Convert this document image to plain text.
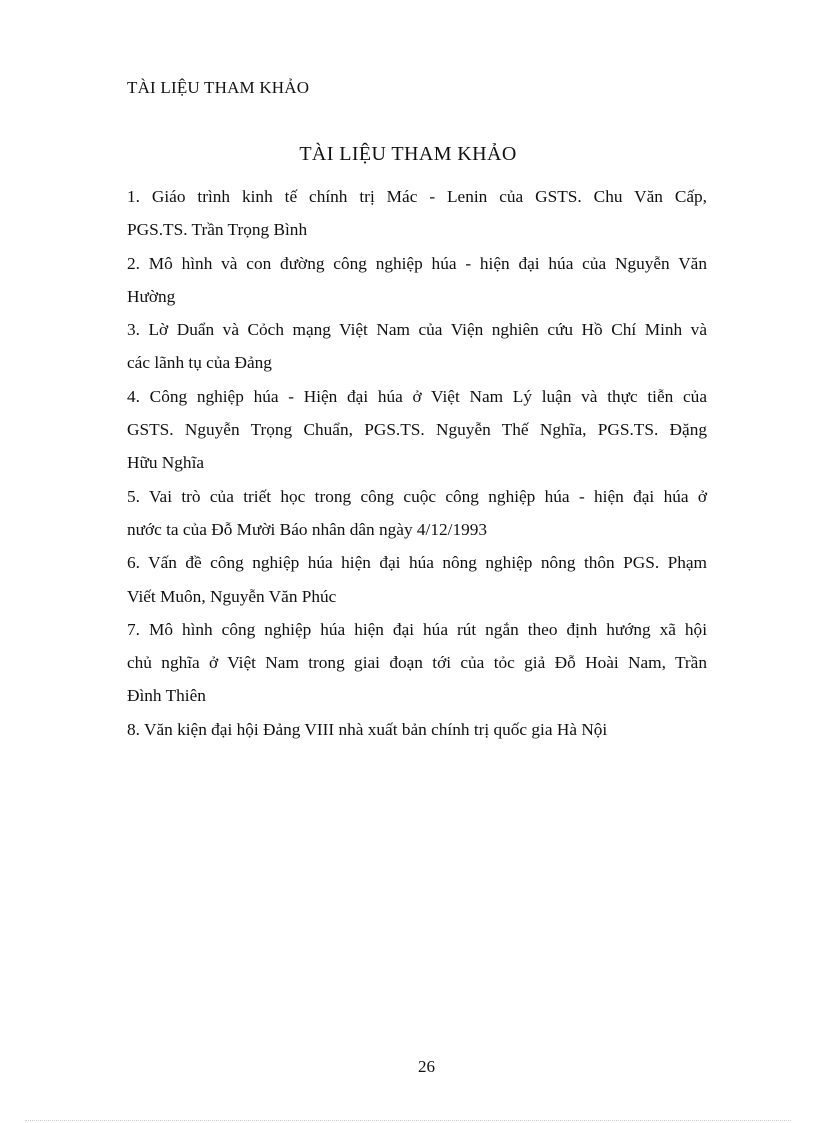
TÀI LIỆU THAM KHẢO
TÀI LIỆU THAM KHẢO
1. Giáo trình kinh tế chính trị Mác - Lenin của GSTS. Chu Văn Cấp,
PGS.TS. Trần Trọng Bình
2. Mô hình và con đường công nghiệp húa - hiện đại húa của Nguyễn Văn
Hường
3. Lờ Duẩn và Cỏch mạng Việt Nam của Viện nghiên cứu Hồ Chí Minh và
các lãnh tụ của Đảng
4. Công nghiệp húa - Hiện đại húa ở Việt Nam Lý luận và thực tiễn của
GSTS. Nguyễn Trọng Chuẩn, PGS.TS. Nguyễn Thế Nghĩa, PGS.TS. Đặng
Hữu Nghĩa
5. Vai trò của triết học trong công cuộc công nghiệp húa - hiện đại húa ở
nước ta của Đỗ Mười Báo nhân dân ngày 4/12/1993
6. Vấn đề công nghiệp húa hiện đại húa nông nghiệp nông thôn PGS. Phạm
Viết Muôn, Nguyễn Văn Phúc
7. Mô hình công nghiệp húa hiện đại húa rút ngắn theo định hướng xã hội
chủ nghĩa ở Việt Nam trong giai đoạn tới của tỏc giả Đỗ Hoài Nam, Trần
Đình Thiên
8. Văn kiện đại hội Đảng VIII nhà xuất bản chính trị quốc gia Hà Nội
26
